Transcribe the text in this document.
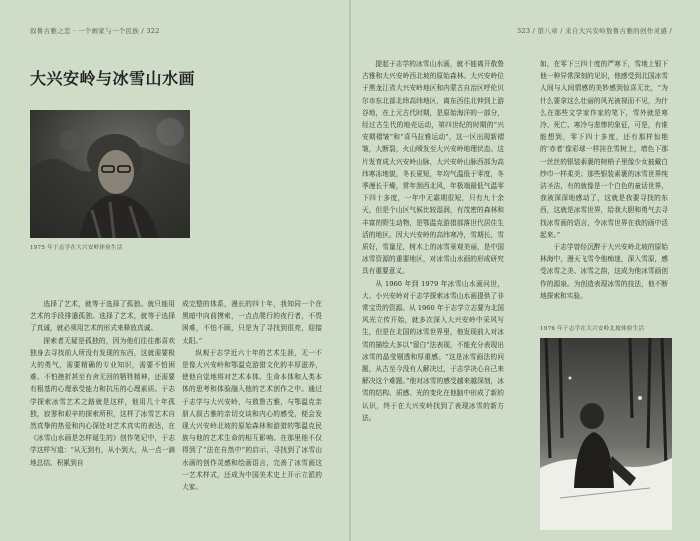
叙鲁古雅之恋 · 一个画家与一个民族 / 322	323 / 第八章 / 来自大兴安岭敖鲁古雅的创作灵感 /
大兴安岭与冰雪山水画
1975 年于志学在大兴安岭体验生活

选择了艺术，就等于选择了孤独。就只能用艺术的手段排遣孤独。选择了艺术，就等于选择了真诚，就必须用艺术的形式来释放真诚。

探索者无疑是孤独的，因为他们往往都喜欢独身去寻找前人所没有发现的东西，这就需要极大的勇气，需要精确的专业知识，需要不怕困难、不怕挫折甚至有舍无回的牺牲精神，还需要有根基的心理承受能力和抗压的心理素质。于志学探索冰雪艺术之路就是这样，他用几十年孤独，寂寥和艰辛的探索所积，这样了冰雪艺术自然真挚的热爱和内心深处对艺术真实的表达，在《冰雪山水画是怎样诞生的》创作笔记中，于志学这样写道：“从无到有，从小到大，从一点一滴地总结、积累到自

成完整的体系，漫长的四十年，我知同一个在黑暗中向前摸索，一点点爬行的夜行者，不畏困难，不怕不顾，只是为了寻找到很亮，迎接太阳。”

纵观于志学近六十年的艺术生涯，无一不是像大兴安岭和鄂温克游猎文化的丰厚滋养，使他自觉地将对艺术本体、生命本体和人类本体的思考和体验融入他的艺术创作之中。通过于志学与大兴安岭，与敖鲁古雅，与鄂温克亲朋人叙古雅的亲切交谈和内心的感受，便会发现大兴安岭北坡的原始森林和游猎的鄂温克民族与他的艺术生命的相互影响。在那里他不仅得到了“法在自然中”的启示，寻找到了冰雪山水画的创作灵感和绘画语言，完善了冰雪画这一艺术样式，还成为中国美术史上开示立派的大家。

提起于志学的冰雪山水画，就不能离开敖鲁古雅和大兴安岭西北坡的原始森林。大兴安岭位于黑龙江省大兴安岭地区和内蒙古自治区呼伦贝尔市东北部北纬高纬地区，离东西往北伸到上游谷地，在上元古代时期，是原始海洋的一部分，经过古生代的地壳运动，第四世纪的时期的“兴安期褶皱”和“喜马拉雅运动”，这一区出现新褶皱，大断裂，火山喷发至大兴安岭地理状态。这片发育成大兴安岭山脉，大兴安岭山脉西部为高纬寒冻地貌，冬长夏短，年均气温低于零度，冬季漫长干燥，常年刮西北风，年极端最低气温零下四十多度，一年中无霜期很短，只有九十余天，但是个山区气候比较湿润，有茂密的森林和丰富的野生动物，是鄂温克游猎部落世代居住生活的地区。因大兴安岭的高纬寒冷，雪期长，雪质好，雪量足，树木上的冰雪景观美丽，是中国冰雪资源的重要地区，对冰雪山水画的形成研究具有重要意义。

从 1960 年到 1979 年冰雪山水画问世，大、小兴安岭对于志学探索冰雪山水画提供了非常宝贵的资源。从 1960 年于志学立志要为北国风光立传开始，就多次深入大兴安岭中采风写生，但是在北国的冰雪世界里，他发现前人对冰雪的描绘大多以“留白”法表现，不能充分表现出冰雪的晶莹剔透和厚重感。“这是冰雪画法的问题，从古至今没有人解决过，于志学决心自己来解决这个难题。”他对冰雪的感受越来越深刻，冰雪的结构、质感、光的变化在他脑中形成了新的认识，终于在大兴安岭找到了表现冰雪的新方法。

如，在零下三四十度的严寒下，雪地上银下他一种异常深刻的见识，他感受到北国冰雪人间与人间情感的美妙感到惊喜无比，“为什么要拿这么壮丽的风光被视而不见，为什么在那些文学家作家的笔下，雪外就是寒冷、死亡、寒冷与悲惨的象征，可是，有谁能想到，零下四十多度，还有那样惊艳的‘赤者’像彩球一样挂在雪树上，增色下那一丝丝的银装素裹的树梢子里像少女披戴白纱巾一样柔美；那些银装素裹的冰雪世界纯洁圣洁，有的就像是一个白色的童话世界，我被深深地感动了，这就是我要寻找的东西，这就是冰雪世界，给我大胆和勇气去寻找冰雪画的语言，令冰雪世界在我的画中活起来。”

于志学曾经沉醉于大兴安岭北坡的原始林海中，漫天飞雪令他痴迷，深入雪原，感受冰雪之美、冰雪之韵，这成为他冰雪画创作的源泉。为创造表现冰雪的技法，他不断地探索和实验。

1976 年于志学在大兴安岭北坡体验生活
